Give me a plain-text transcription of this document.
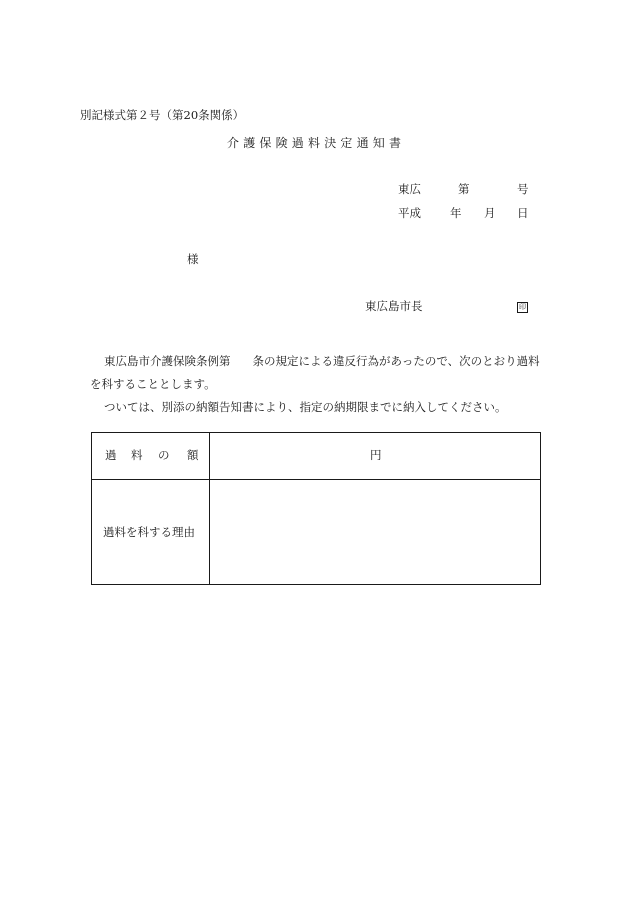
別記様式第２号（第20条関係）
介護保険過料決定通知書
東広	第	号
平成	年 月 日
様
東広島市長	印
東広島市介護保険条例第 条の規定による違反行為があったので、次のとおり過料
を科することとします。
ついては、別添の納額告知書により、指定の納期限までに納入してください。
過 料 の 額	円
過料を科する理由
